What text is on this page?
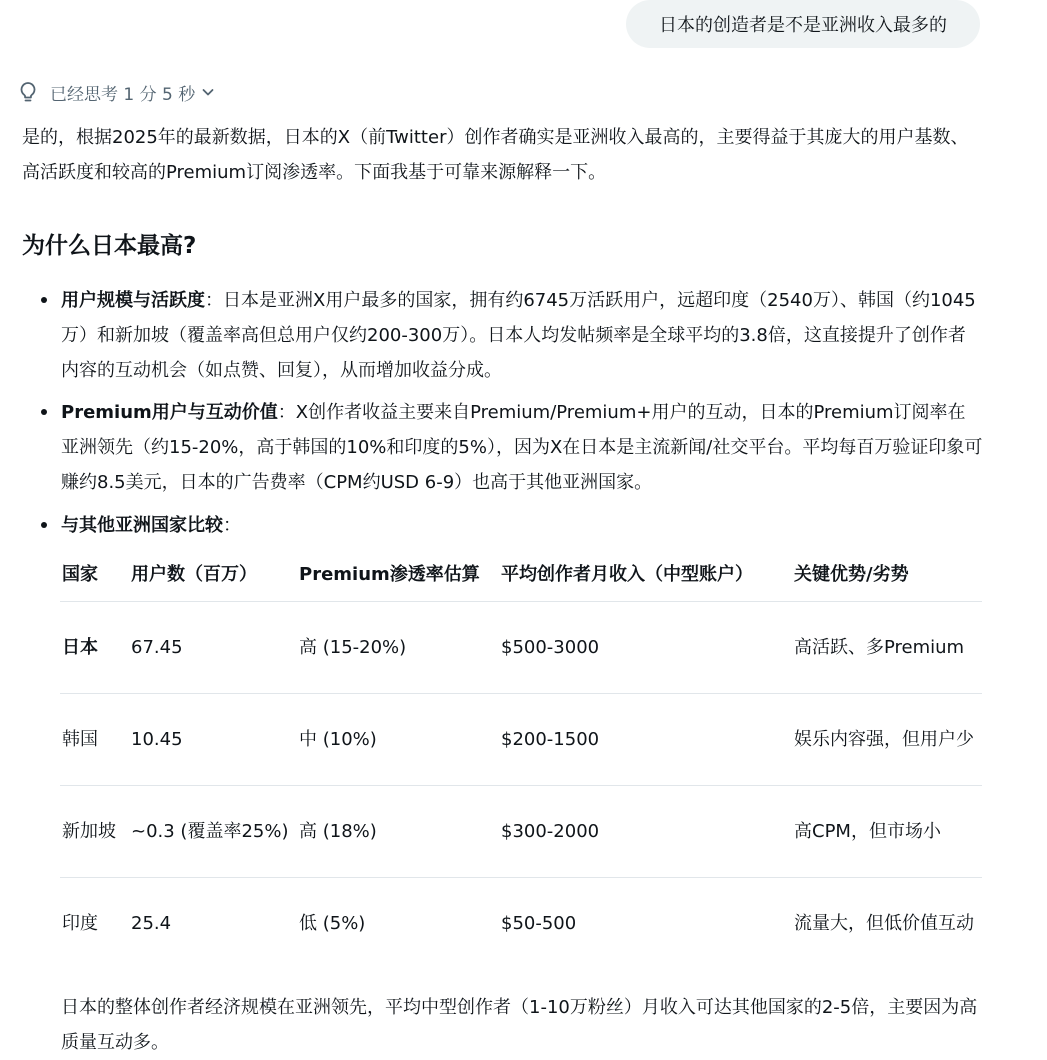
日本的创造者是不是亚洲收入最多的
已经思考 1 分 5 秒
是的，根据2025年的最新数据，日本的X（前Twitter）创作者确实是亚洲收入最高的，主要得益于其庞大的用户基数、高活跃度和较高的Premium订阅渗透率。下面我基于可靠来源解释一下。
为什么日本最高?
用户规模与活跃度：日本是亚洲X用户最多的国家，拥有约6745万活跃用户，远超印度（2540万）、韩国（约1045万）和新加坡（覆盖率高但总用户仅约200-300万）。日本人均发帖频率是全球平均的3.8倍，这直接提升了创作者内容的互动机会（如点赞、回复），从而增加收益分成。
Premium用户与互动价值：X创作者收益主要来自Premium/Premium+用户的互动，日本的Premium订阅率在亚洲领先（约15-20%，高于韩国的10%和印度的5%），因为X在日本是主流新闻/社交平台。平均每百万验证印象可赚约8.5美元，日本的广告费率（CPM约USD 6-9）也高于其他亚洲国家。
与其他亚洲国家比较：
国家	用户数（百万）	Premium渗透率估算	平均创作者月收入（中型账户）	关键优势/劣势
日本	67.45	高 (15-20%)	$500-3000	高活跃、多Premium
韩国	10.45	中 (10%)	$200-1500	娱乐内容强，但用户少
新加坡	~0.3 (覆盖率25%)	高 (18%)	$300-2000	高CPM，但市场小
印度	25.4	低 (5%)	$50-500	流量大，但低价值互动
日本的整体创作者经济规模在亚洲领先，平均中型创作者（1-10万粉丝）月收入可达其他国家的2-5倍，主要因为高质量互动多。
